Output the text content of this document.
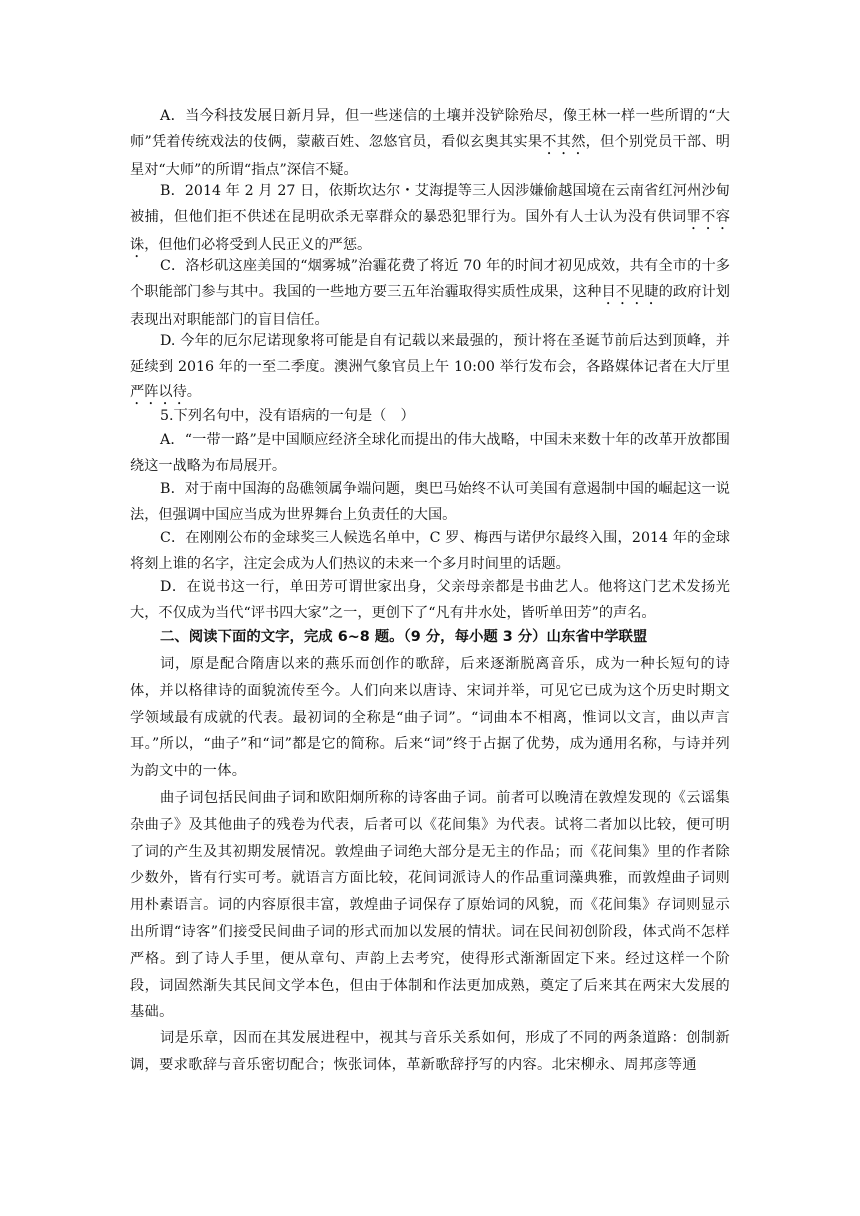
A．当今科技发展日新月异，但一些迷信的土壤并没铲除殆尽，像王林一样一些所谓的“大师”凭着传统戏法的伎俩，蒙蔽百姓、忽悠官员，看似玄奥其实果不其然，但个别党员干部、明星对“大师”的所谓“指点”深信不疑。

B．2014 年 2 月 27 日，依斯坎达尔・艾海提等三人因涉嫌偷越国境在云南省红河州沙甸被捕，但他们拒不供述在昆明砍杀无辜群众的暴恐犯罪行为。国外有人士认为没有供词罪不容诛，但他们必将受到人民正义的严惩。

C．洛杉矶这座美国的“烟雾城”治霾花费了将近 70 年的时间才初见成效，共有全市的十多个职能部门参与其中。我国的一些地方要三五年治霾取得实质性成果，这种目不见睫的政府计划表现出对职能部门的盲目信任。

D. 今年的厄尔尼诺现象将可能是自有记载以来最强的，预计将在圣诞节前后达到顶峰，并延续到 2016 年的一至二季度。澳洲气象官员上午 10:00 举行发布会，各路媒体记者在大厅里严阵以待。

5.下列名句中，没有语病的一句是（　）

A．“一带一路”是中国顺应经济全球化而提出的伟大战略，中国未来数十年的改革开放都围绕这一战略为布局展开。

B．对于南中国海的岛礁领属争端问题，奥巴马始终不认可美国有意遏制中国的崛起这一说法，但强调中国应当成为世界舞台上负责任的大国。

C．在刚刚公布的金球奖三人候选名单中，C 罗、梅西与诺伊尔最终入围，2014 年的金球将刻上谁的名字，注定会成为人们热议的未来一个多月时间里的话题。

D．在说书这一行，单田芳可谓世家出身，父亲母亲都是书曲艺人。他将这门艺术发扬光大，不仅成为当代“评书四大家”之一，更创下了“凡有井水处，皆听单田芳”的声名。

二、阅读下面的文字，完成 6~8 题。（9 分，每小题 3 分）山东省中学联盟

词，原是配合隋唐以来的燕乐而创作的歌辞，后来逐渐脱离音乐，成为一种长短句的诗体，并以格律诗的面貌流传至今。人们向来以唐诗、宋词并举，可见它已成为这个历史时期文学领域最有成就的代表。最初词的全称是“曲子词”。“词曲本不相离，惟词以文言，曲以声言耳。”所以，“曲子”和“词”都是它的简称。后来“词”终于占据了优势，成为通用名称，与诗并列为韵文中的一体。

曲子词包括民间曲子词和欧阳炯所称的诗客曲子词。前者可以晚清在敦煌发现的《云谣集杂曲子》及其他曲子的残卷为代表，后者可以《花间集》为代表。试将二者加以比较，便可明了词的产生及其初期发展情况。敦煌曲子词绝大部分是无主的作品；而《花间集》里的作者除少数外，皆有行实可考。就语言方面比较，花间词派诗人的作品重词藻典雅，而敦煌曲子词则用朴素语言。词的内容原很丰富，敦煌曲子词保存了原始词的风貌，而《花间集》存词则显示出所谓“诗客”们接受民间曲子词的形式而加以发展的情状。词在民间初创阶段，体式尚不怎样严格。到了诗人手里，便从章句、声韵上去考究，使得形式渐渐固定下来。经过这样一个阶段，词固然渐失其民间文学本色，但由于体制和作法更加成熟，奠定了后来其在两宋大发展的基础。

词是乐章，因而在其发展进程中，视其与音乐关系如何，形成了不同的两条道路：创制新调，要求歌辞与音乐密切配合；恢张词体，革新歌辞抒写的内容。北宋柳永、周邦彦等通
